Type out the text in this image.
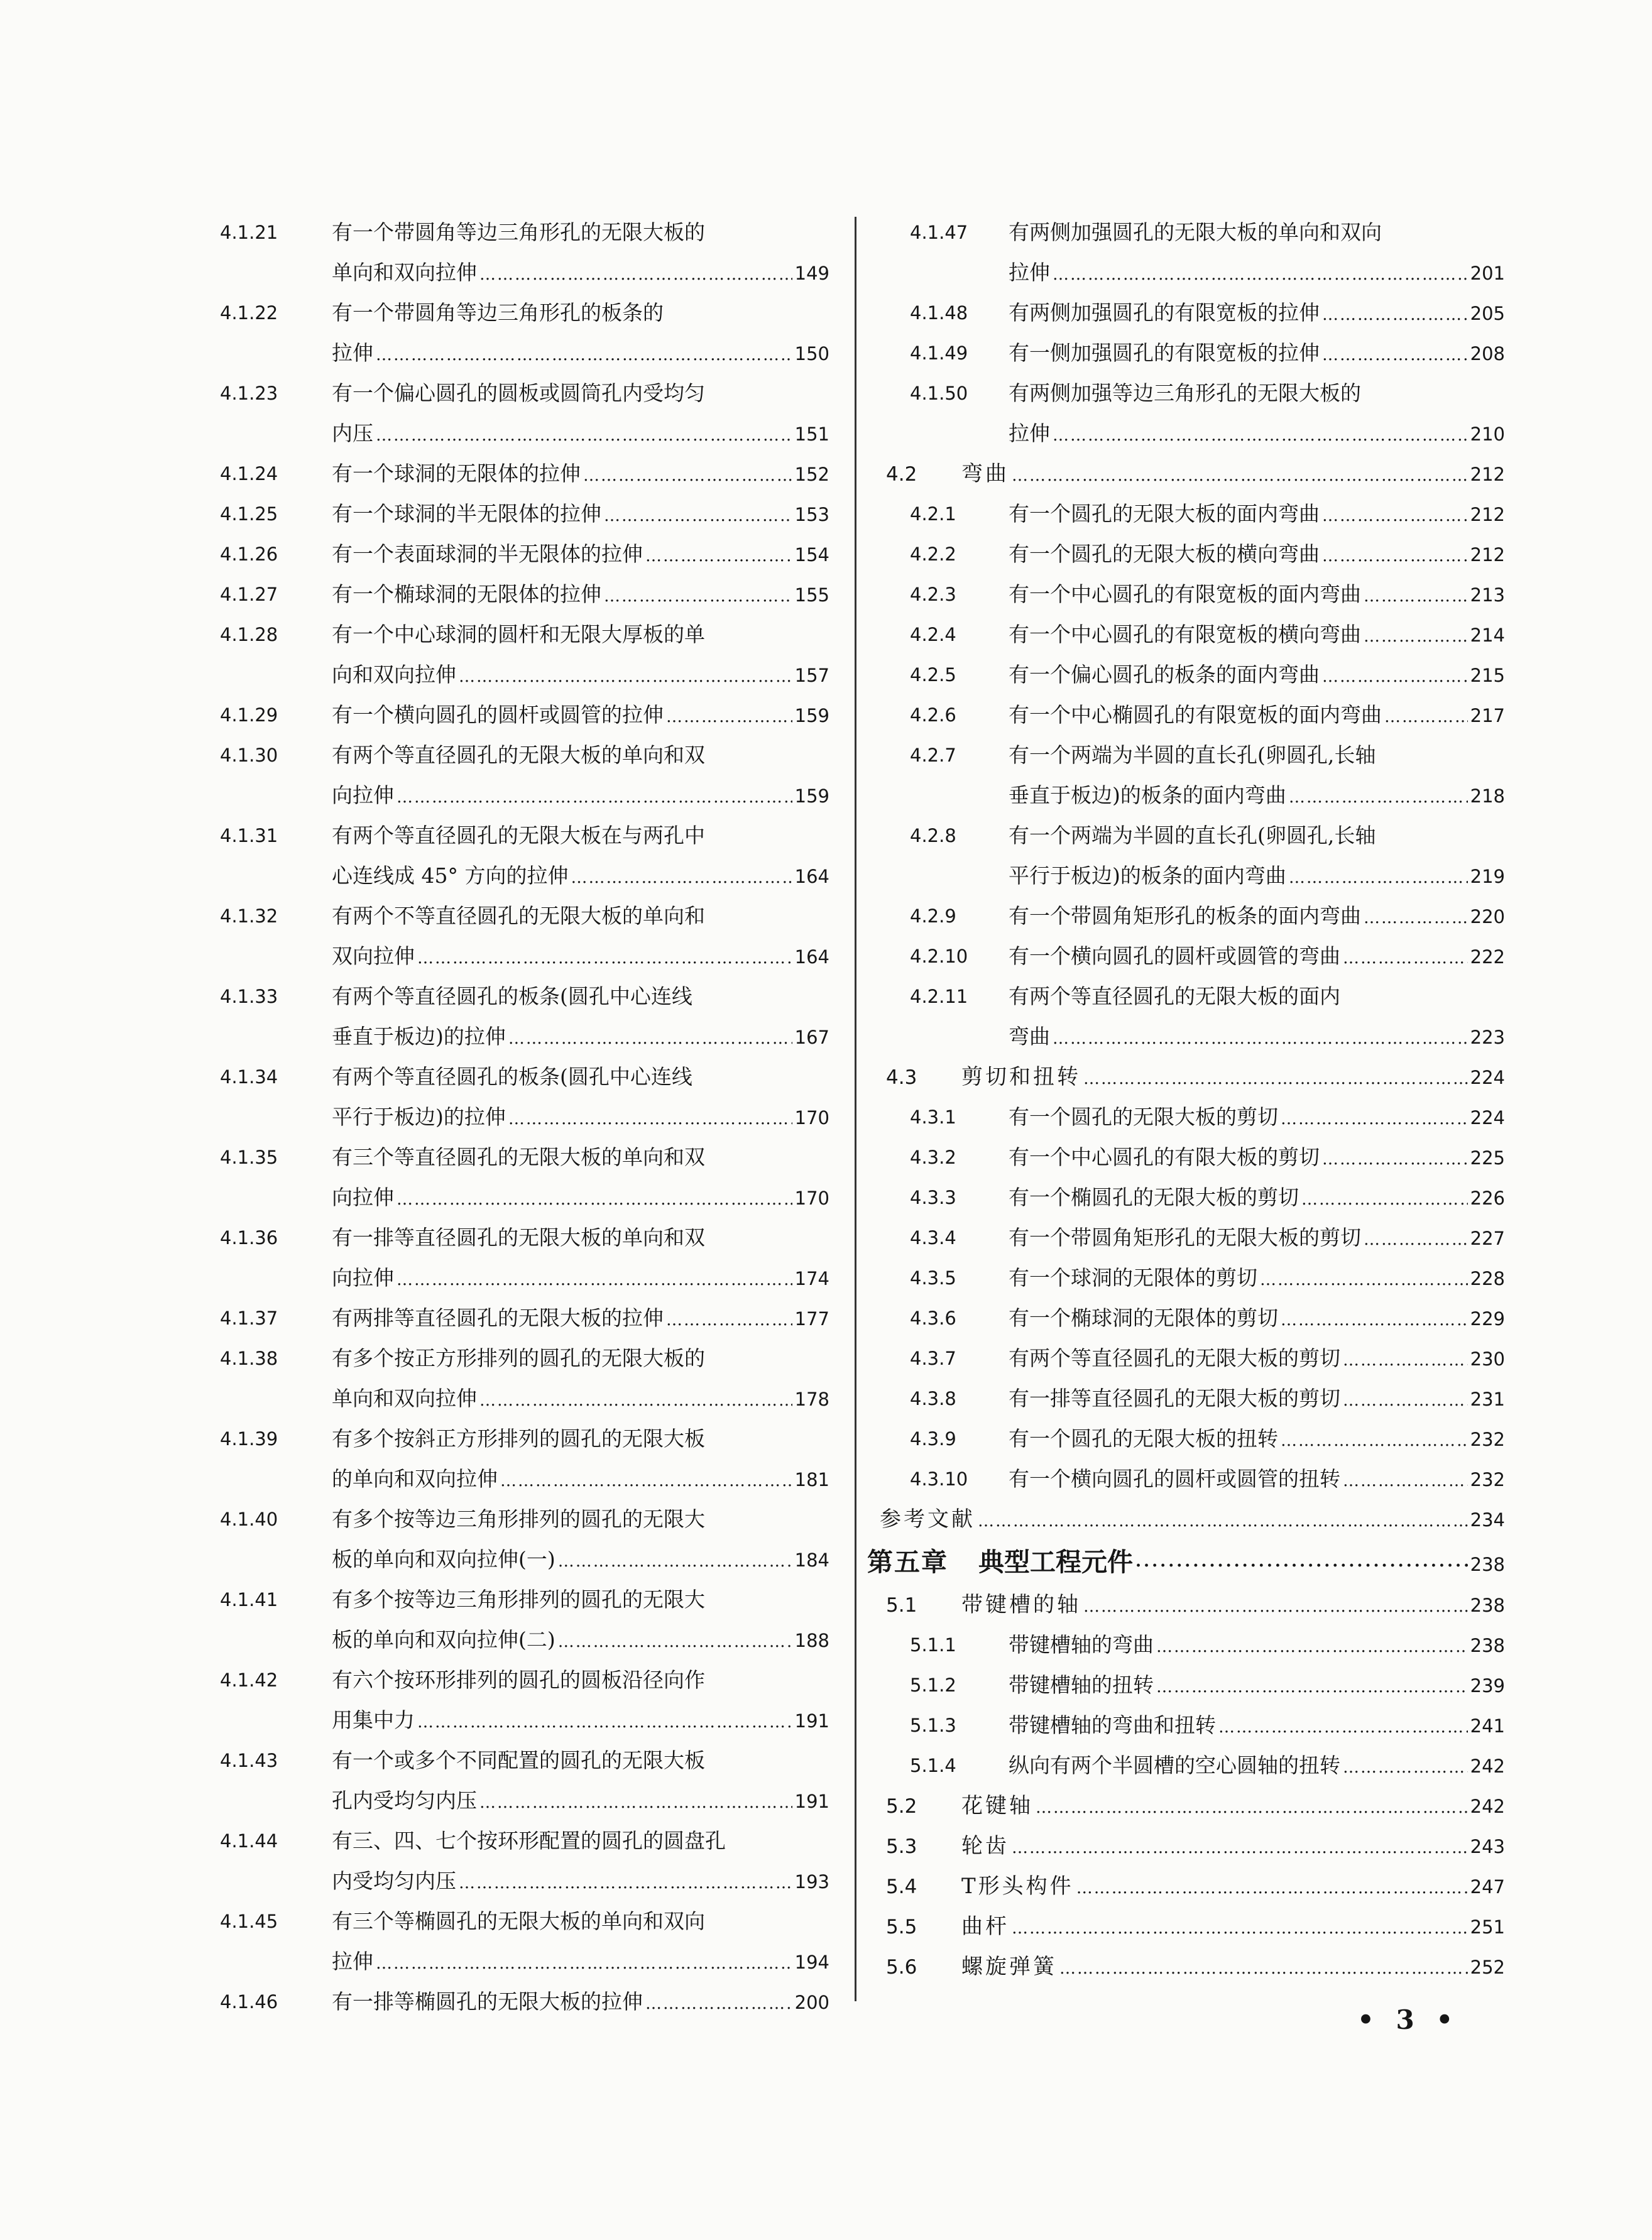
4.1.21	有一个带圆角等边三角形孔的无限大板的
单向和双向拉伸 ……………………………………………………………………………………………………………………………………	149
4.1.22	有一个带圆角等边三角形孔的板条的
拉伸 ……………………………………………………………………………………………………………………………………	150
4.1.23	有一个偏心圆孔的圆板或圆筒孔内受均匀
内压 ……………………………………………………………………………………………………………………………………	151
4.1.24	有一个球洞的无限体的拉伸 ……………………………………………………………………………………………………………………………………	152
4.1.25	有一个球洞的半无限体的拉伸 ……………………………………………………………………………………………………………………………………	153
4.1.26	有一个表面球洞的半无限体的拉伸 ……………………………………………………………………………………………………………………………………	154
4.1.27	有一个椭球洞的无限体的拉伸 ……………………………………………………………………………………………………………………………………	155
4.1.28	有一个中心球洞的圆杆和无限大厚板的单
向和双向拉伸 ……………………………………………………………………………………………………………………………………	157
4.1.29	有一个横向圆孔的圆杆或圆管的拉伸 ……………………………………………………………………………………………………………………………………	159
4.1.30	有两个等直径圆孔的无限大板的单向和双
向拉伸 ……………………………………………………………………………………………………………………………………	159
4.1.31	有两个等直径圆孔的无限大板在与两孔中
心连线成 45° 方向的拉伸 ……………………………………………………………………………………………………………………………………	164
4.1.32	有两个不等直径圆孔的无限大板的单向和
双向拉伸 ……………………………………………………………………………………………………………………………………	164
4.1.33	有两个等直径圆孔的板条(圆孔中心连线
垂直于板边)的拉伸 ……………………………………………………………………………………………………………………………………	167
4.1.34	有两个等直径圆孔的板条(圆孔中心连线
平行于板边)的拉伸 ……………………………………………………………………………………………………………………………………	170
4.1.35	有三个等直径圆孔的无限大板的单向和双
向拉伸 ……………………………………………………………………………………………………………………………………	170
4.1.36	有一排等直径圆孔的无限大板的单向和双
向拉伸 ……………………………………………………………………………………………………………………………………	174
4.1.37	有两排等直径圆孔的无限大板的拉伸 ……………………………………………………………………………………………………………………………………	177
4.1.38	有多个按正方形排列的圆孔的无限大板的
单向和双向拉伸 ……………………………………………………………………………………………………………………………………	178
4.1.39	有多个按斜正方形排列的圆孔的无限大板
的单向和双向拉伸 ……………………………………………………………………………………………………………………………………	181
4.1.40	有多个按等边三角形排列的圆孔的无限大
板的单向和双向拉伸(一) ……………………………………………………………………………………………………………………………………	184
4.1.41	有多个按等边三角形排列的圆孔的无限大
板的单向和双向拉伸(二) ……………………………………………………………………………………………………………………………………	188
4.1.42	有六个按环形排列的圆孔的圆板沿径向作
用集中力 ……………………………………………………………………………………………………………………………………	191
4.1.43	有一个或多个不同配置的圆孔的无限大板
孔内受均匀内压 ……………………………………………………………………………………………………………………………………	191
4.1.44	有三、四、七个按环形配置的圆孔的圆盘孔
内受均匀内压 ……………………………………………………………………………………………………………………………………	193
4.1.45	有三个等椭圆孔的无限大板的单向和双向
拉伸 ……………………………………………………………………………………………………………………………………	194
4.1.46	有一排等椭圆孔的无限大板的拉伸 ……………………………………………………………………………………………………………………………………	200
4.1.47	有两侧加强圆孔的无限大板的单向和双向
拉伸 ……………………………………………………………………………………………………………………………………	201
4.1.48	有两侧加强圆孔的有限宽板的拉伸 ……………………………………………………………………………………………………………………………………	205
4.1.49	有一侧加强圆孔的有限宽板的拉伸 ……………………………………………………………………………………………………………………………………	208
4.1.50	有两侧加强等边三角形孔的无限大板的
拉伸 ……………………………………………………………………………………………………………………………………	210
4.2	弯曲 ……………………………………………………………………………………………………………………………………	212
4.2.1	有一个圆孔的无限大板的面内弯曲 ……………………………………………………………………………………………………………………………………	212
4.2.2	有一个圆孔的无限大板的横向弯曲 ……………………………………………………………………………………………………………………………………	212
4.2.3	有一个中心圆孔的有限宽板的面内弯曲 ……………………………………………………………………………………………………………………………………	213
4.2.4	有一个中心圆孔的有限宽板的横向弯曲 ……………………………………………………………………………………………………………………………………	214
4.2.5	有一个偏心圆孔的板条的面内弯曲 ……………………………………………………………………………………………………………………………………	215
4.2.6	有一个中心椭圆孔的有限宽板的面内弯曲 ……………………………………………………………………………………………………………………………………	217
4.2.7	有一个两端为半圆的直长孔(卵圆孔,长轴
垂直于板边)的板条的面内弯曲 ……………………………………………………………………………………………………………………………………	218
4.2.8	有一个两端为半圆的直长孔(卵圆孔,长轴
平行于板边)的板条的面内弯曲 ……………………………………………………………………………………………………………………………………	219
4.2.9	有一个带圆角矩形孔的板条的面内弯曲 ……………………………………………………………………………………………………………………………………	220
4.2.10	有一个横向圆孔的圆杆或圆管的弯曲 ……………………………………………………………………………………………………………………………………	222
4.2.11	有两个等直径圆孔的无限大板的面内
弯曲 ……………………………………………………………………………………………………………………………………	223
4.3	剪切和扭转 ……………………………………………………………………………………………………………………………………	224
4.3.1	有一个圆孔的无限大板的剪切 ……………………………………………………………………………………………………………………………………	224
4.3.2	有一个中心圆孔的有限大板的剪切 ……………………………………………………………………………………………………………………………………	225
4.3.3	有一个椭圆孔的无限大板的剪切 ……………………………………………………………………………………………………………………………………	226
4.3.4	有一个带圆角矩形孔的无限大板的剪切 ……………………………………………………………………………………………………………………………………	227
4.3.5	有一个球洞的无限体的剪切 ……………………………………………………………………………………………………………………………………	228
4.3.6	有一个椭球洞的无限体的剪切 ……………………………………………………………………………………………………………………………………	229
4.3.7	有两个等直径圆孔的无限大板的剪切 ……………………………………………………………………………………………………………………………………	230
4.3.8	有一排等直径圆孔的无限大板的剪切 ……………………………………………………………………………………………………………………………………	231
4.3.9	有一个圆孔的无限大板的扭转 ……………………………………………………………………………………………………………………………………	232
4.3.10	有一个横向圆孔的圆杆或圆管的扭转 ……………………………………………………………………………………………………………………………………	232
参考文献 ……………………………………………………………………………………………………………………………………	234
第五章 典型工程元件 ·····	238
5.1	带键槽的轴 ……………………………………………………………………………………………………………………………………	238
5.1.1	带键槽轴的弯曲 ……………………………………………………………………………………………………………………………………	238
5.1.2	带键槽轴的扭转 ……………………………………………………………………………………………………………………………………	239
5.1.3	带键槽轴的弯曲和扭转 ……………………………………………………………………………………………………………………………………	241
5.1.4	纵向有两个半圆槽的空心圆轴的扭转 ……………………………………………………………………………………………………………………………………	242
5.2	花键轴 ……………………………………………………………………………………………………………………………………	242
5.3	轮齿 ……………………………………………………………………………………………………………………………………	243
5.4	T形头构件 ……………………………………………………………………………………………………………………………………	247
5.5	曲杆 ……………………………………………………………………………………………………………………………………	251
5.6	螺旋弹簧 ……………………………………………………………………………………………………………………………………	252
• 3 •
